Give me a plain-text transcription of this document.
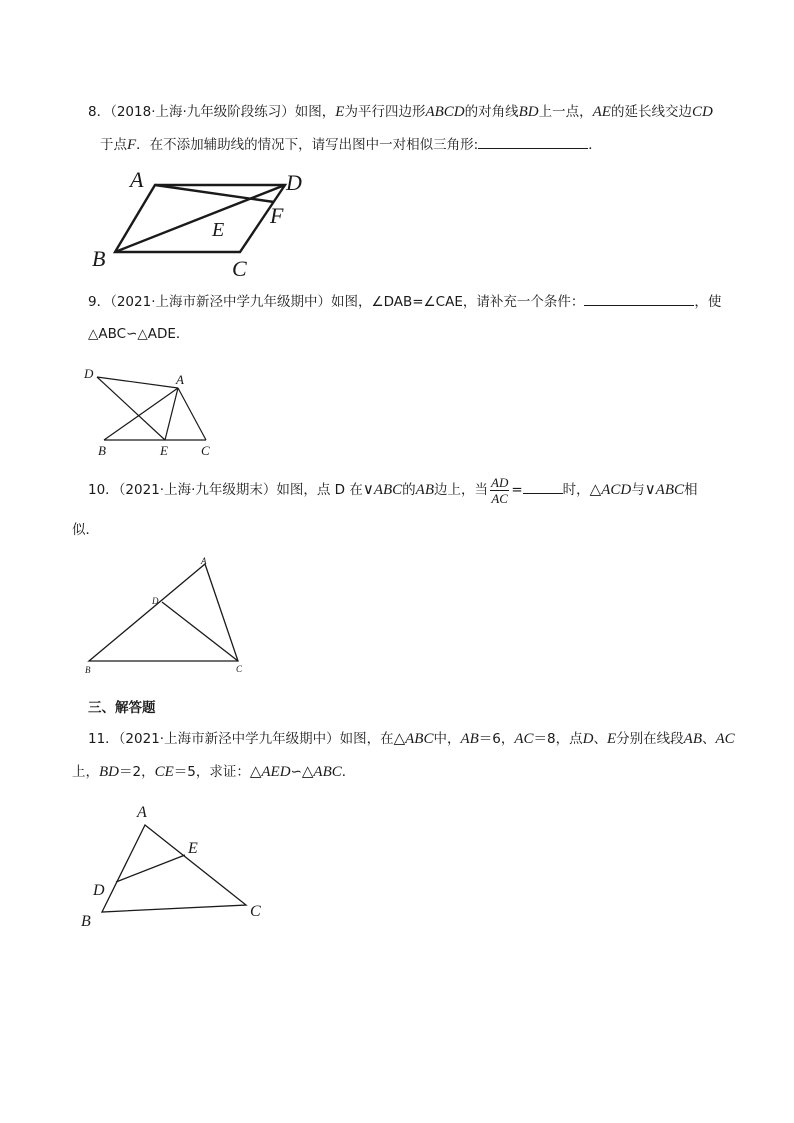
8．（2018·上海·九年级阶段练习）如图，E为平行四边形ABCD的对角线BD上一点，AE的延长线交边CD
于点F．在不添加辅助线的情况下，请写出图中一对相似三角形:	．
A	D
B	C
E
F
9．（2021·上海市新泾中学九年级期中）如图，∠DAB=∠CAE，请补充一个条件：	，使
△ABC∽△ADE．
D	A
B	E	C
10．（2021·上海·九年级期末）如图，点 D 在∨ABC的AB边上，当 $\frac{AD}{AC}$ =	时，△ACD与∨ABC相
似．
A
D
B	C
三、解答题
11．（2021·上海市新泾中学九年级期中）如图，在△ABC中，AB＝6，AC＝8，点D、E分别在线段AB、AC
上，BD＝2，CE＝5，求证：△AED∽△ABC．
A
E
D
B
C
